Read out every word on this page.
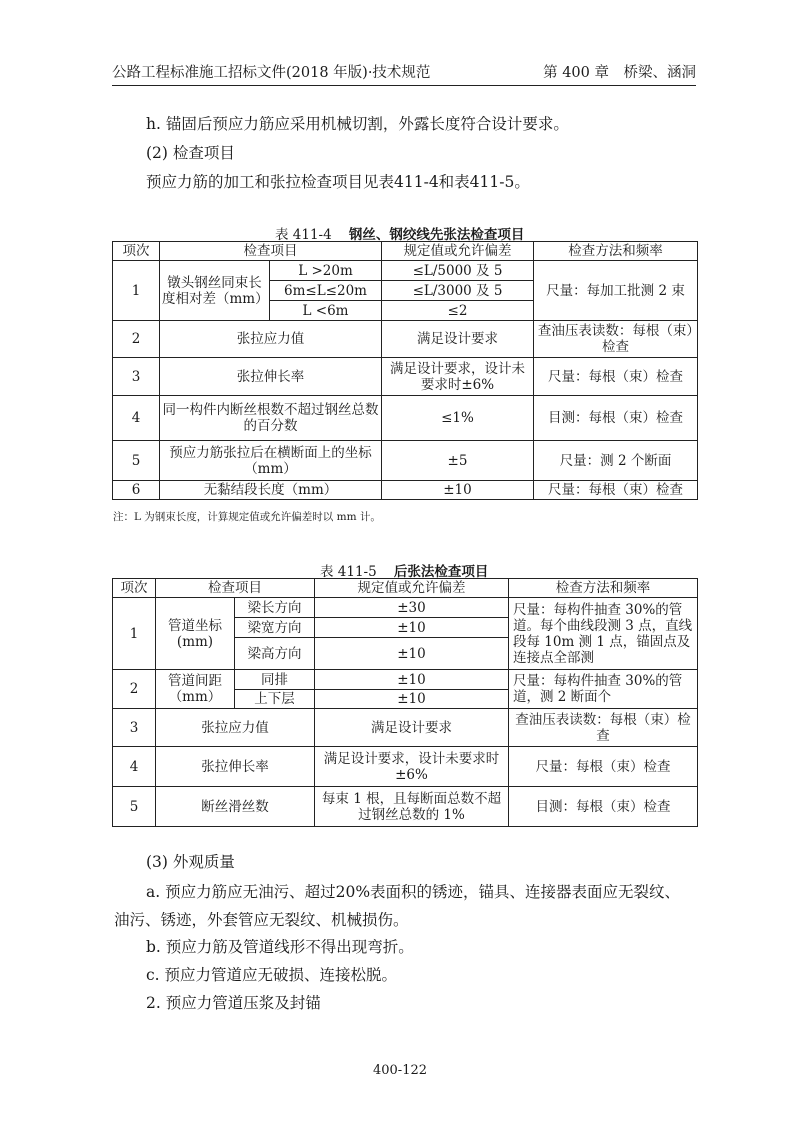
公路工程标准施工招标文件(2018 年版)·技术规范	第 400 章　桥梁、涵洞
h. 锚固后预应力筋应采用机械切割，外露长度符合设计要求。
(2) 检查项目
预应力筋的加工和张拉检查项目见表411-4和表411-5。
表 411-4 钢丝、钢绞线先张法检查项目
项次	检查项目		规定值或允许偏差	检查方法和频率
1	镦头钢丝同束长度相对差（mm）	L >20m	≤L/5000 及 5	尺量：每加工批测 2 束
		6m≤L≤20m	≤L/3000 及 5	
		L <6m	≤2	
2	张拉应力值		满足设计要求	查油压表读数：每根（束）检查
3	张拉伸长率		满足设计要求，设计未要求时±6%	尺量：每根（束）检查
4	同一构件内断丝根数不超过钢丝总数的百分数		≤1%	目测：每根（束）检查
5	预应力筋张拉后在横断面上的坐标（mm）		±5	尺量：测 2 个断面
6	无黏结段长度（mm）		±10	尺量：每根（束）检查
注：L 为钢束长度，计算规定值或允许偏差时以 mm 计。
表 411-5 后张法检查项目
项次	检查项目		规定值或允许偏差	检查方法和频率
1	管道坐标(mm)	梁长方向	±30	尺量：每构件抽查 30%的管道。每个曲线段测 3 点，直线段每 10m 测 1 点，锚固点及连接点全部测
		梁宽方向	±10	
		梁高方向	±10	
2	管道间距（mm）	同排	±10	尺量：每构件抽查 30%的管道，测 2 断面个
		上下层	±10	
3	张拉应力值		满足设计要求	查油压表读数：每根（束）检查
4	张拉伸长率		满足设计要求，设计未要求时±6%	尺量：每根（束）检查
5	断丝滑丝数		每束 1 根，且每断面总数不超过钢丝总数的 1%	目测：每根（束）检查
(3) 外观质量
a. 预应力筋应无油污、超过20%表面积的锈迹，锚具、连接器表面应无裂纹、
油污、锈迹，外套管应无裂纹、机械损伤。
b. 预应力筋及管道线形不得出现弯折。
c. 预应力管道应无破损、连接松脱。
2. 预应力管道压浆及封锚
400-122
